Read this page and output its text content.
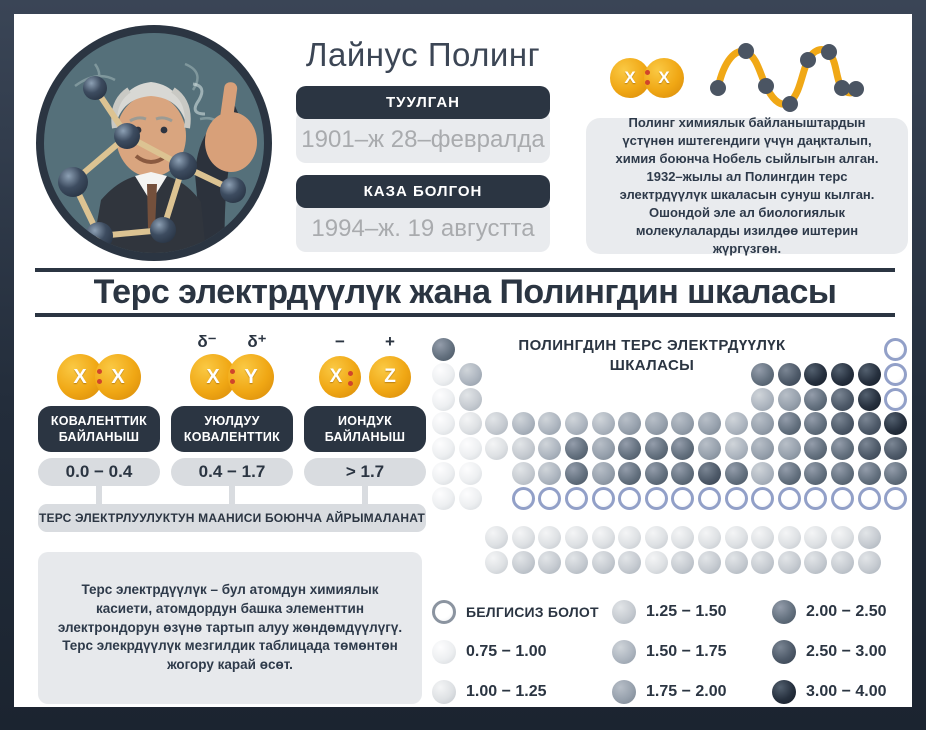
Лайнус Полинг
ТУУЛГАН
1901–ж 28–февралда
КАЗА БОЛГОН
1994–ж. 19 августта
X	X

Полинг химиялык байланыштардын үстүнөн иштегендиги үчүн даңкталып, химия боюнча Нобель сыйлыгын алган. 1932–жылы ал Полингдин терс электрдүүлүк шкаласын сунуш кылган. Ошондой эле ал биологиялык молекулаларды изилдөө иштерин жүргүзгөн.

Терс электрдүүлүк жана Полингдин шкаласы
X	X
КОВАЛЕНТТИК
БАЙЛАНЫШ
0.0 − 0.4
δ⁻ δ⁺
X	Y
УЮЛДУУ
КОВАЛЕНТТИК
0.4 − 1.7
−	+
X	Z
ИОНДУК
БАЙЛАНЫШ
> 1.7
ТЕРС ЭЛЕКТРЛУУЛУКТУН МААНИСИ БОЮНЧА АЙРЫМАЛАНАТ

Терс электрдүүлүк – бул атомдун химиялык касиети, атомдордун башка элементтин электрондорун өзүнө тартып алуу жөндөмдүүлүгү.

Терс элекрдүүлүк мезгилдик таблицада төмөнтөн жогору карай өсөт.

ПОЛИНГДИН ТЕРС ЭЛЕКТРДҮҮЛҮК
ШКАЛАСЫ
БЕЛГИСИЗ БОЛОТ
0.75 − 1.00
1.00 − 1.25
1.25 − 1.50
1.50 − 1.75
1.75 − 2.00
2.00 − 2.50
2.50 − 3.00
3.00 − 4.00
